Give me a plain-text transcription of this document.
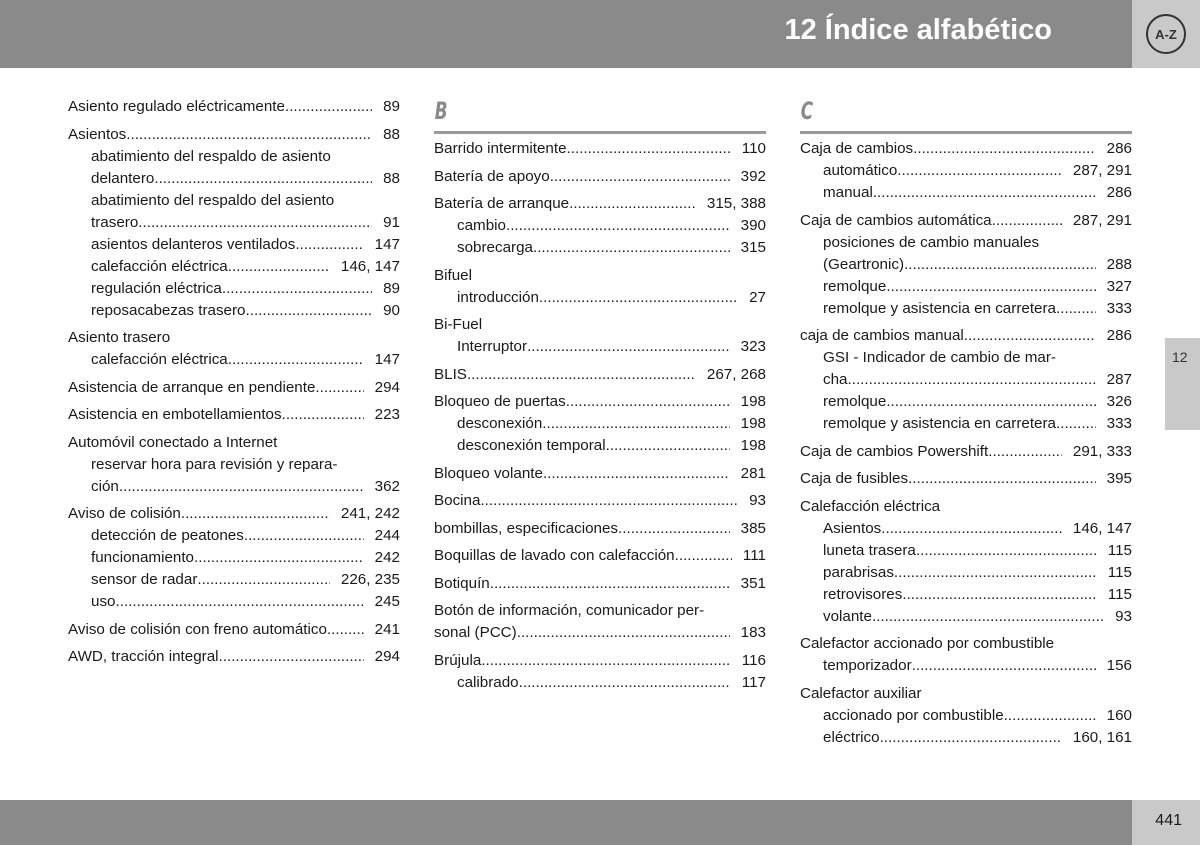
12 Índice alfabético	A-Z
12
Asiento regulado eléctricamente .....	89
Asientos .....	88
abatimiento del respaldo de asiento
delantero .....	88
abatimiento del respaldo del asiento
trasero .....	91
asientos delanteros ventilados .....	147
calefacción eléctrica .....	146, 147
regulación eléctrica .....	89
reposacabezas trasero .....	90
Asiento trasero
calefacción eléctrica .....	147
Asistencia de arranque en pendiente .....	294
Asistencia en embotellamientos .....	223
Automóvil conectado a Internet
reservar hora para revisión y repara-
ción .....	362
Aviso de colisión .....	241, 242
detección de peatones .....	244
funcionamiento .....	242
sensor de radar .....	226, 235
uso .....	245
Aviso de colisión con freno automático .....	241
AWD, tracción integral .....	294
B
Barrido intermitente .....	110
Batería de apoyo .....	392
Batería de arranque .....	315, 388
cambio .....	390
sobrecarga .....	315
Bifuel
introducción .....	27
Bi-Fuel
Interruptor .....	323
BLIS .....	267, 268
Bloqueo de puertas .....	198
desconexión .....	198
desconexión temporal .....	198
Bloqueo volante .....	281
Bocina .....	93
bombillas, especificaciones .....	385
Boquillas de lavado con calefacción .....	111
Botiquín .....	351
Botón de información, comunicador per-
sonal (PCC) .....	183
Brújula .....	116
calibrado .....	117
C
Caja de cambios .....	286
automático .....	287, 291
manual .....	286
Caja de cambios automática .....	287, 291
posiciones de cambio manuales
(Geartronic) .....	288
remolque .....	327
remolque y asistencia en carretera .....	333
caja de cambios manual .....	286
GSI - Indicador de cambio de mar-
cha .....	287
remolque .....	326
remolque y asistencia en carretera .....	333
Caja de cambios Powershift .....	291, 333
Caja de fusibles .....	395
Calefacción eléctrica
Asientos .....	146, 147
luneta trasera .....	115
parabrisas .....	115
retrovisores .....	115
volante .....	93
Calefactor accionado por combustible
temporizador .....	156
Calefactor auxiliar
accionado por combustible .....	160
eléctrico .....	160, 161
441
